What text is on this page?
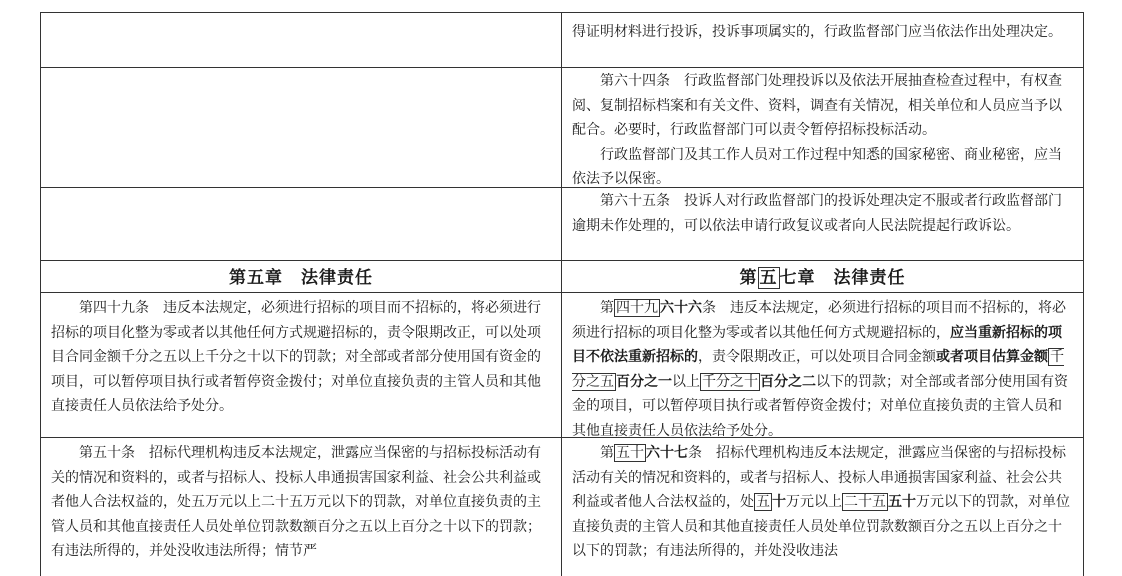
得证明材料进行投诉，投诉事项属实的，行政监督部门应当依法作出处理决定。

第六十四条　行政监督部门处理投诉以及依法开展抽查检查过程中，有权查阅、复制招标档案和有关文件、资料，调查有关情况，相关单位和人员应当予以配合。必要时，行政监督部门可以责令暂停招标投标活动。

行政监督部门及其工作人员对工作过程中知悉的国家秘密、商业秘密，应当依法予以保密。

第六十五条　投诉人对行政监督部门的投诉处理决定不服或者行政监督部门逾期未作处理的，可以依法申请行政复议或者向人民法院提起行政诉讼。

第五章　法律责任	第 五 七章　法律责任

第四十九条　违反本法规定，必须进行招标的项目而不招标的，将必须进行招标的项目化整为零或者以其他任何方式规避招标的，责令限期改正，可以处项目合同金额千分之五以上千分之十以下的罚款；对全部或者部分使用国有资金的项目，可以暂停项目执行或者暂停资金拨付；对单位直接负责的主管人员和其他直接责任人员依法给予处分。

第 四十九 六十六条　违反本法规定，必须进行招标的项目而不招标的，将必须进行招标的项目化整为零或者以其他任何方式规避招标的，应当重新招标的项目不依法重新招标的，责令限期改正，可以处项目合同金额或者项目估算金额 千分之五 百分之一以上 千分之十 百分之二以下的罚款；对全部或者部分使用国有资金的项目，可以暂停项目执行或者暂停资金拨付；对单位直接负责的主管人员和其他直接责任人员依法给予处分。

第五十条　招标代理机构违反本法规定，泄露应当保密的与招标投标活动有关的情况和资料的，或者与招标人、投标人串通损害国家利益、社会公共利益或者他人合法权益的，处五万元以上二十五万元以下的罚款，对单位直接负责的主管人员和其他直接责任人员处单位罚款数额百分之五以上百分之十以下的罚款；有违法所得的，并处没收违法所得；情节严

第 五十 六十七条　招标代理机构违反本法规定，泄露应当保密的与招标投标活动有关的情况和资料的，或者与招标人、投标人串通损害国家利益、社会公共利益或者他人合法权益的，处 五 十万元以上 二十五 五十万元以下的罚款，对单位直接负责的主管人员和其他直接责任人员处单位罚款数额百分之五以上百分之十以下的罚款；有违法所得的，并处没收违法
